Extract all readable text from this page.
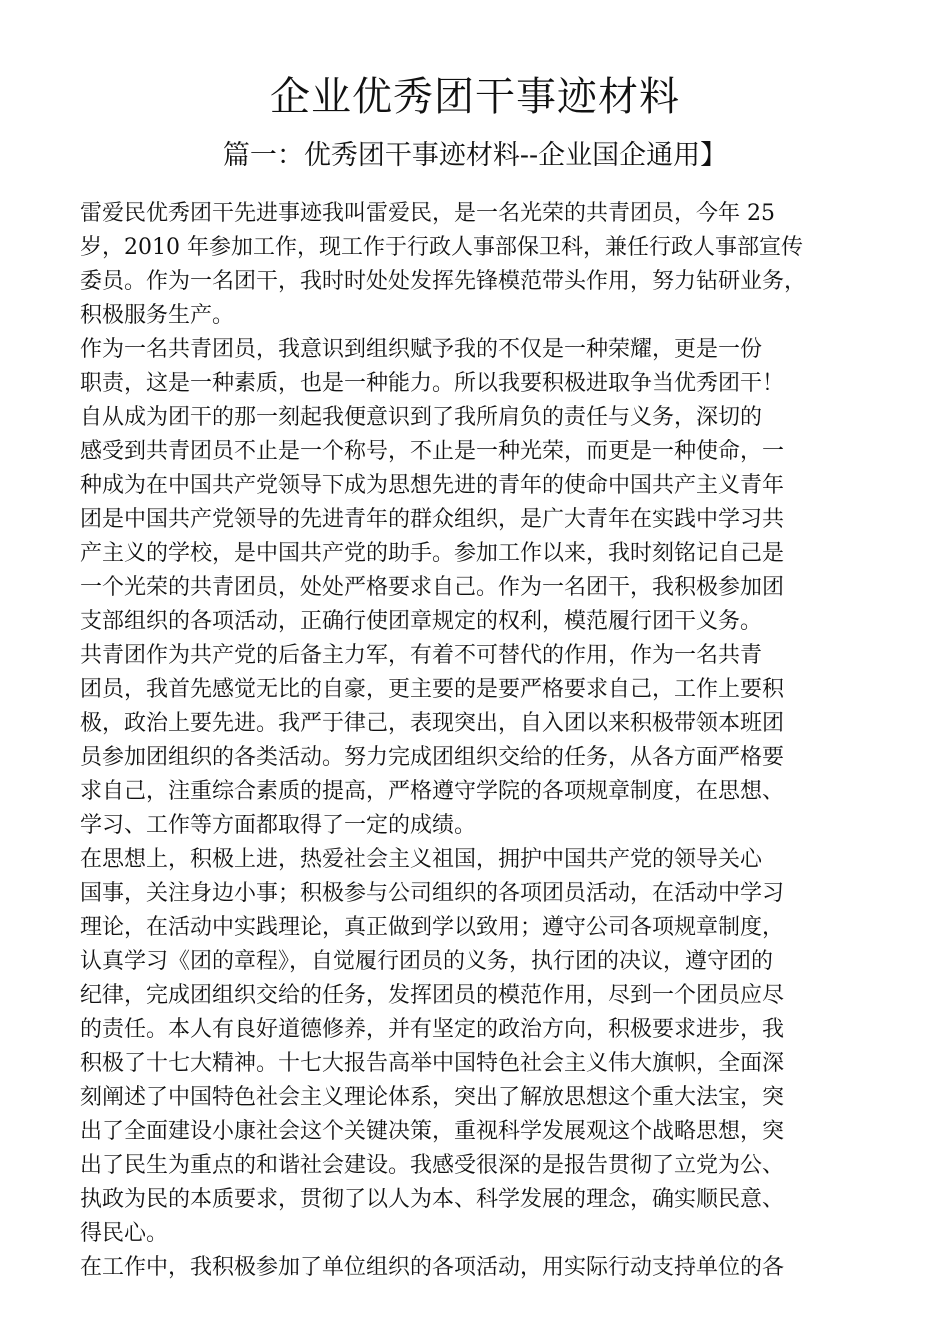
企业优秀团干事迹材料
篇一：优秀团干事迹材料--企业国企通用】
雷爱民优秀团干先进事迹我叫雷爱民，是一名光荣的共青团员，今年 25
岁，2010 年参加工作，现工作于行政人事部保卫科，兼任行政人事部宣传
委员。作为一名团干，我时时处处发挥先锋模范带头作用，努力钻研业务，
积极服务生产。
作为一名共青团员，我意识到组织赋予我的不仅是一种荣耀，更是一份
职责，这是一种素质，也是一种能力。所以我要积极进取争当优秀团干！
自从成为团干的那一刻起我便意识到了我所肩负的责任与义务，深切的
感受到共青团员不止是一个称号，不止是一种光荣，而更是一种使命，一
种成为在中国共产党领导下成为思想先进的青年的使命中国共产主义青年
团是中国共产党领导的先进青年的群众组织，是广大青年在实践中学习共
产主义的学校，是中国共产党的助手。参加工作以来，我时刻铭记自己是
一个光荣的共青团员，处处严格要求自己。作为一名团干，我积极参加团
支部组织的各项活动，正确行使团章规定的权利，模范履行团干义务。
共青团作为共产党的后备主力军，有着不可替代的作用，作为一名共青
团员，我首先感觉无比的自豪，更主要的是要严格要求自己，工作上要积
极，政治上要先进。我严于律己，表现突出，自入团以来积极带领本班团
员参加团组织的各类活动。努力完成团组织交给的任务，从各方面严格要
求自己，注重综合素质的提高，严格遵守学院的各项规章制度，在思想、
学习、工作等方面都取得了一定的成绩。
在思想上，积极上进，热爱社会主义祖国，拥护中国共产党的领导关心
国事，关注身边小事；积极参与公司组织的各项团员活动，在活动中学习
理论，在活动中实践理论，真正做到学以致用；遵守公司各项规章制度，
认真学习《团的章程》，自觉履行团员的义务，执行团的决议，遵守团的
纪律，完成团组织交给的任务，发挥团员的模范作用，尽到一个团员应尽
的责任。本人有良好道德修养，并有坚定的政治方向，积极要求进步，我
积极了十七大精神。十七大报告高举中国特色社会主义伟大旗帜，全面深
刻阐述了中国特色社会主义理论体系，突出了解放思想这个重大法宝，突
出了全面建设小康社会这个关键决策，重视科学发展观这个战略思想，突
出了民生为重点的和谐社会建设。我感受很深的是报告贯彻了立党为公、
执政为民的本质要求，贯彻了以人为本、科学发展的理念，确实顺民意、
得民心。
在工作中，我积极参加了单位组织的各项活动，用实际行动支持单位的各
